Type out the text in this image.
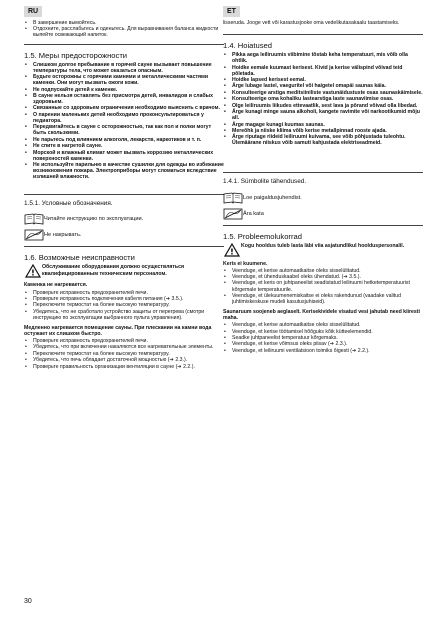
RU	ET
• В завершение вымойтесь.
• Отдохните, расслабьтесь и оденьтесь. Для выравнивания баланса жидкости выпейте освежающий напиток.
1.5. Меры предосторожности
• Слишком долгое пребывание в горячей сауне вызывает повышение температуры тела, что может оказаться опасным.
• Будьте осторожны с горячими камнями и металлическими частями каменки. Они могут вызвать ожоги кожи.
• Не подпускайте детей к каменке.
• В сауне нельзя оставлять без присмотра детей, инвалидов и слабых здоровьем.
• Связанные со здоровьем ограничения необходимо выяснить с врачом.
• О парении маленьких детей необходимо проконсультироваться у педиатора.
• Передвигайтесь в сауне с осторожностью, так как пол и полки могут быть скользкими.
• Не парьтесь под влиянием алкоголя, лекарств, наркотиков и т. п.
• Не спите в нагретой сауне.
• Морской и влажный климат может вызвать коррозию металлических поверхностей каменки.
• Не используйте парильню в качестве сушилки для одежды во избежание возникновения пожара. Электроприборы могут сломаться вследствие излишней влажности.
1.5.1. Условные обозначения.
Читайте инструкцию по эксплуатации.
Не накрывать.
1.6. Возможные неисправности
!
Обслуживание оборудования должно осуществляться квалифицированным техническим персоналом.
Каменка не нагревается.
• Проверьте исправность предохранителей печи.
• Проверьте исправность подключения кабеля питания (➔ 3.5.).
• Переключите термостат на более высокую температуру.
• Убедитесь, что не сработало устройство защиты от перегрева (смотри инструкцию по эксплуатации выбранного пульта управления).
Медленно нагревается помещение сауны. При плескании на камни вода остужает их слишком быстро.
• Проверьте исправность предохранителей печи.
• Убедитесь, что при включении накаляются все нагревательные элементы.
• Переключите термостат на более высокую температуру.
• Убедитесь, что печь обладает достаточной мощностью (➔ 2.3.).
• Проверьте правильность организации вентиляции в сауне (➔ 2.2.).
lisseruda. Jooge vett või karastusjooke oma vedelikutasakaalu taastamiseks.
1.4. Hoiatused
• Pikka aega leiliruumis viibimine tõstab keha temperatuuri, mis võib olla ohtlik.
• Hoidke eemale kuumast kerisest. Kivid ja kerise välispind võivad teid põletada.
• Hoidke lapsed kerisest eemal.
• Ärge lubage lastel, vaeguritel või haigetel omapäi saunas käia.
• Konsulteerige arstiga meditsiiniliste vastunäidustuste osas saunaskäimisele.
• Konsulteerige oma kohaliku lastearstiga laste saunaviimise osas.
• Olge leiliruumis liikudes ettevaatlik, sest lava ja põrand võivad olla libedad.
• Ärge kunagi minge sauna alkoholi, kangete ravimite või narkootikumid mõju all.
• Ärge magage kunagi kuumas saunas.
• Mereõhk ja niiske kliima võib kerise metallpinnad rooste ajada.
• Ärge riputage riideid leiliruumi kuivama, see võib põhjustada tuleohtu. Ülemäärane niiskus võib samuti kahjustada elektriseadmeid.
1.4.1. Sümbolite tähendused.
Loe paigaldusjuhendist.
Ära kata
1.5. Probleemolukorrad
!
Kogu hooldus tuleb lasta läbi viia asjatundlikul hoolduspersonalil.
Keris ei kuumene.
• Veenduge, et kerise automaatkaitse oleks sisselülitatud.
• Veenduge, et ühenduskaabel oleks ühendatud. (➔ 3.5.).
• Veenduge, et keris on juhtpaneelist seadistatud leiliruumi hetketemperatuurist kõrgemale temperatuurile.
• Veenduge, et ülekuumenemiskaitse ei oleks rakendunud (vaadake valitud juhtimiskeskuse mudeli kasutusjuhiseid).
Saunaruum soojeneb aeglaselt. Kerisekividele visatud vesi jahutab need kiiresti maha.
• Veenduge, et kerise automaatkaitse oleks sisselülitatud.
• Veenduge, et kerise töötamisel hõõguks kõik kütteelemendid.
• Seadke juhtpaneelist temperatuur kõrgemaks.
• Veenduge, et kerise võimsus oleks piisav (➔ 2.3.).
• Veenduge, et leiliruumi ventilatsioon toimiks õigesti (➔ 2.2.).
30
